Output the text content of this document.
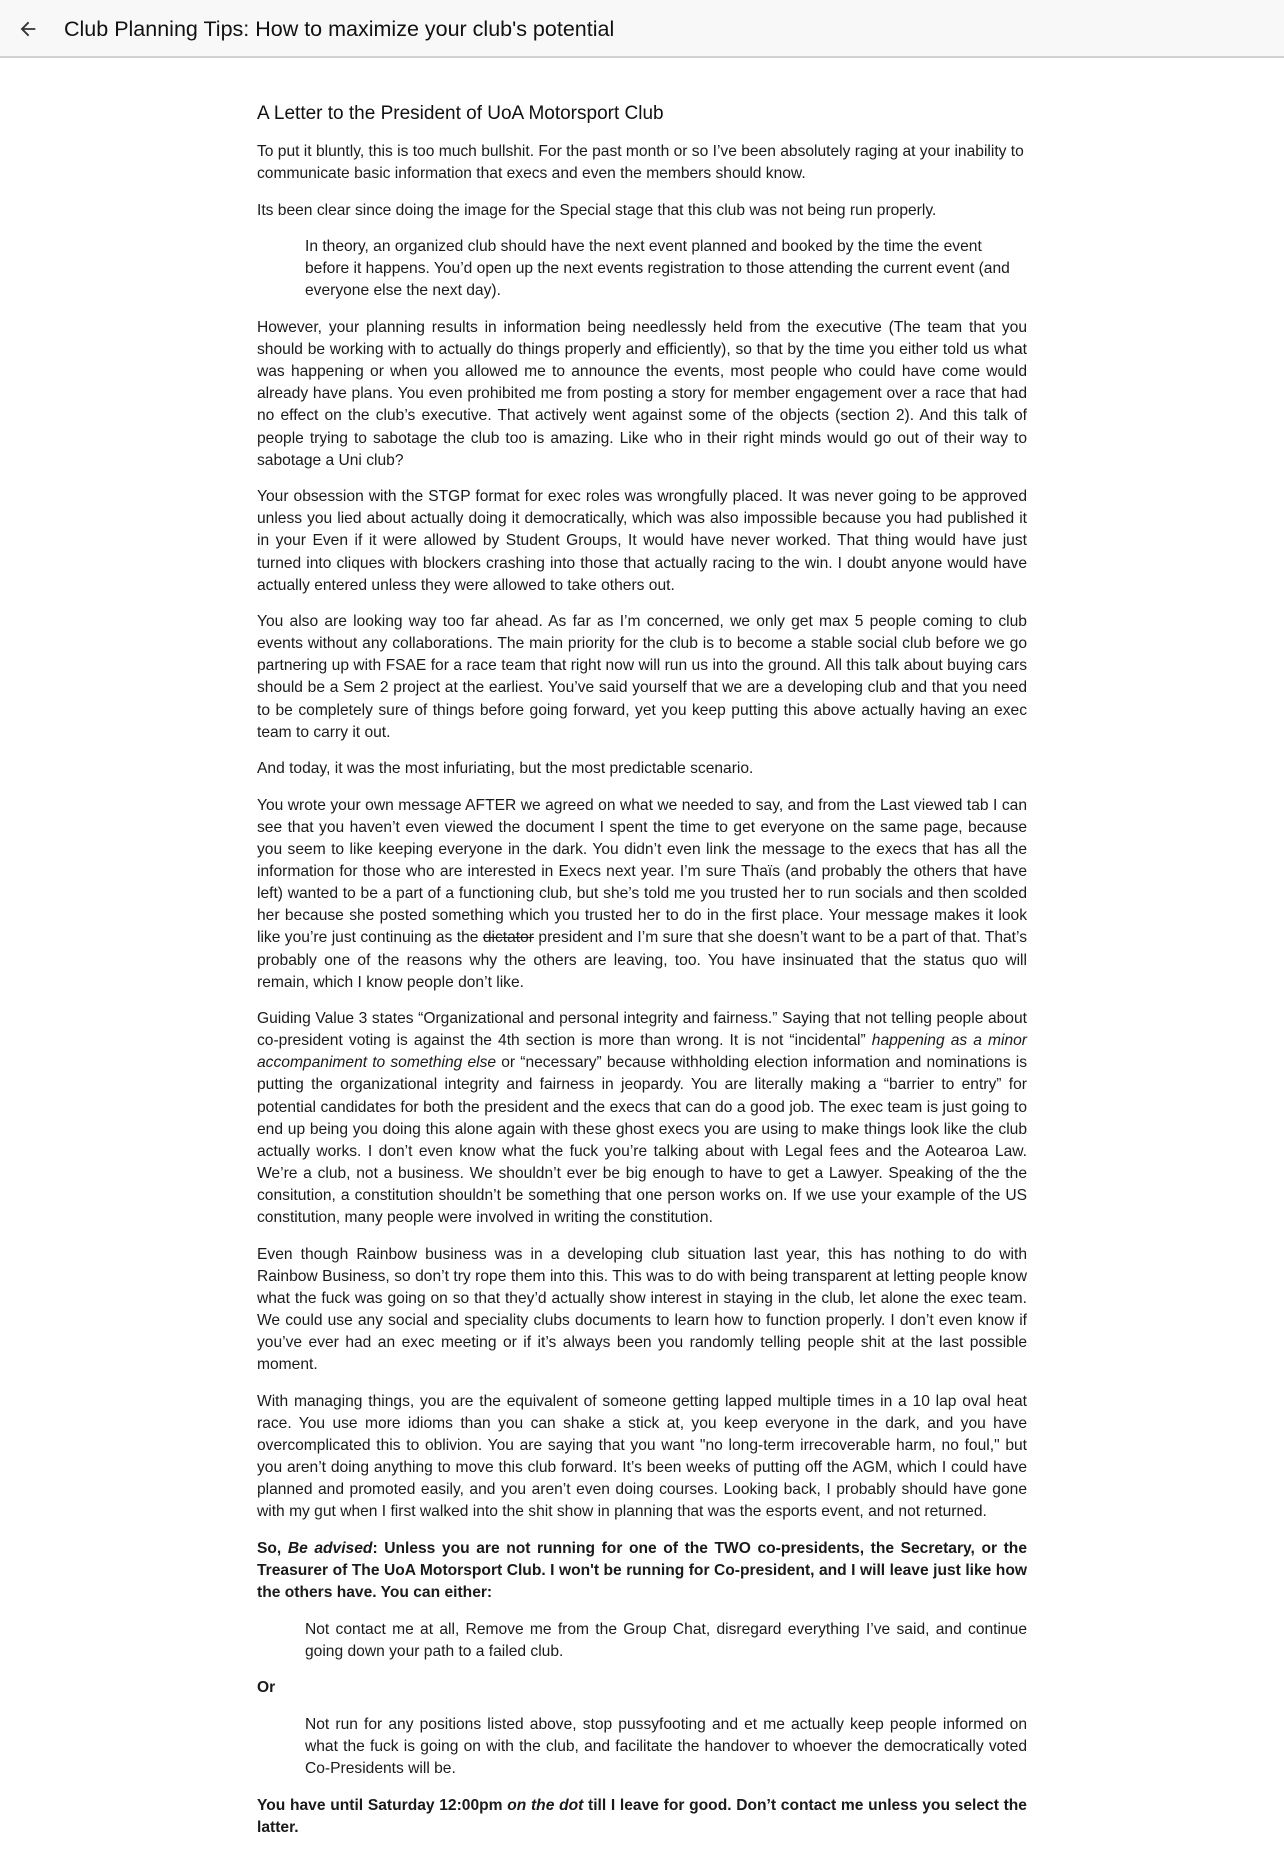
Club Planning Tips: How to maximize your club's potential
A Letter to the President of UoA Motorsport Club

To put it bluntly, this is too much bullshit. For the past month or so I’ve been absolutely raging at your inability to communicate basic information that execs and even the members should know.

Its been clear since doing the image for the Special stage that this club was not being run properly.

In theory, an organized club should have the next event planned and booked by the time the event before it happens. You’d open up the next events registration to those attending the current event (and everyone else the next day).

However, your planning results in information being needlessly held from the executive (The team that you should be working with to actually do things properly and efficiently), so that by the time you either told us what was happening or when you allowed me to announce the events, most people who could have come would already have plans. You even prohibited me from posting a story for member engagement over a race that had no effect on the club’s executive. That actively went against some of the objects (section 2). And this talk of people trying to sabotage the club too is amazing. Like who in their right minds would go out of their way to sabotage a Uni club?

Your obsession with the STGP format for exec roles was wrongfully placed. It was never going to be approved unless you lied about actually doing it democratically, which was also impossible because you had published it in your Even if it were allowed by Student Groups, It would have never worked. That thing would have just turned into cliques with blockers crashing into those that actually racing to the win. I doubt anyone would have actually entered unless they were allowed to take others out.

You also are looking way too far ahead. As far as I’m concerned, we only get max 5 people coming to club events without any collaborations. The main priority for the club is to become a stable social club before we go partnering up with FSAE for a race team that right now will run us into the ground. All this talk about buying cars should be a Sem 2 project at the earliest. You’ve said yourself that we are a developing club and that you need to be completely sure of things before going forward, yet you keep putting this above actually having an exec team to carry it out.

And today, it was the most infuriating, but the most predictable scenario.

You wrote your own message AFTER we agreed on what we needed to say, and from the Last viewed tab I can see that you haven’t even viewed the document I spent the time to get everyone on the same page, because you seem to like keeping everyone in the dark. You didn’t even link the message to the execs that has all the information for those who are interested in Execs next year. I’m sure Thaïs (and probably the others that have left) wanted to be a part of a functioning club, but she’s told me you trusted her to run socials and then scolded her because she posted something which you trusted her to do in the first place. Your message makes it look like you’re just continuing as the dictator president and I’m sure that she doesn’t want to be a part of that. That’s probably one of the reasons why the others are leaving, too. You have insinuated that the status quo will remain, which I know people don’t like.

Guiding Value 3 states “Organizational and personal integrity and fairness.” Saying that not telling people about co-president voting is against the 4th section is more than wrong. It is not “incidental” happening as a minor accompaniment to something else or “necessary” because withholding election information and nominations is putting the organizational integrity and fairness in jeopardy. You are literally making a “barrier to entry” for potential candidates for both the president and the execs that can do a good job. The exec team is just going to end up being you doing this alone again with these ghost execs you are using to make things look like the club actually works. I don’t even know what the fuck you’re talking about with Legal fees and the Aotearoa Law. We’re a club, not a business. We shouldn’t ever be big enough to have to get a Lawyer. Speaking of the the consitution, a constitution shouldn’t be something that one person works on. If we use your example of the US constitution, many people were involved in writing the constitution.

Even though Rainbow business was in a developing club situation last year, this has nothing to do with Rainbow Business, so don’t try rope them into this. This was to do with being transparent at letting people know what the fuck was going on so that they’d actually show interest in staying in the club, let alone the exec team. We could use any social and speciality clubs documents to learn how to function properly. I don’t even know if you’ve ever had an exec meeting or if it’s always been you randomly telling people shit at the last possible moment.

With managing things, you are the equivalent of someone getting lapped multiple times in a 10 lap oval heat race. You use more idioms than you can shake a stick at, you keep everyone in the dark, and you have overcomplicated this to oblivion. You are saying that you want "no long-term irrecoverable harm, no foul," but you aren’t doing anything to move this club forward. It’s been weeks of putting off the AGM, which I could have planned and promoted easily, and you aren’t even doing courses. Looking back, I probably should have gone with my gut when I first walked into the shit show in planning that was the esports event, and not returned.

So, Be advised: Unless you are not running for one of the TWO co-presidents, the Secretary, or the Treasurer of The UoA Motorsport Club. I won't be running for Co-president, and I will leave just like how the others have. You can either:

Not contact me at all, Remove me from the Group Chat, disregard everything I’ve said, and continue going down your path to a failed club.

Or

Not run for any positions listed above, stop pussyfooting and et me actually keep people informed on what the fuck is going on with the club, and facilitate the handover to whoever the democratically voted Co-Presidents will be.

You have until Saturday 12:00pm on the dot till I leave for good. Don’t contact me unless you select the latter.
